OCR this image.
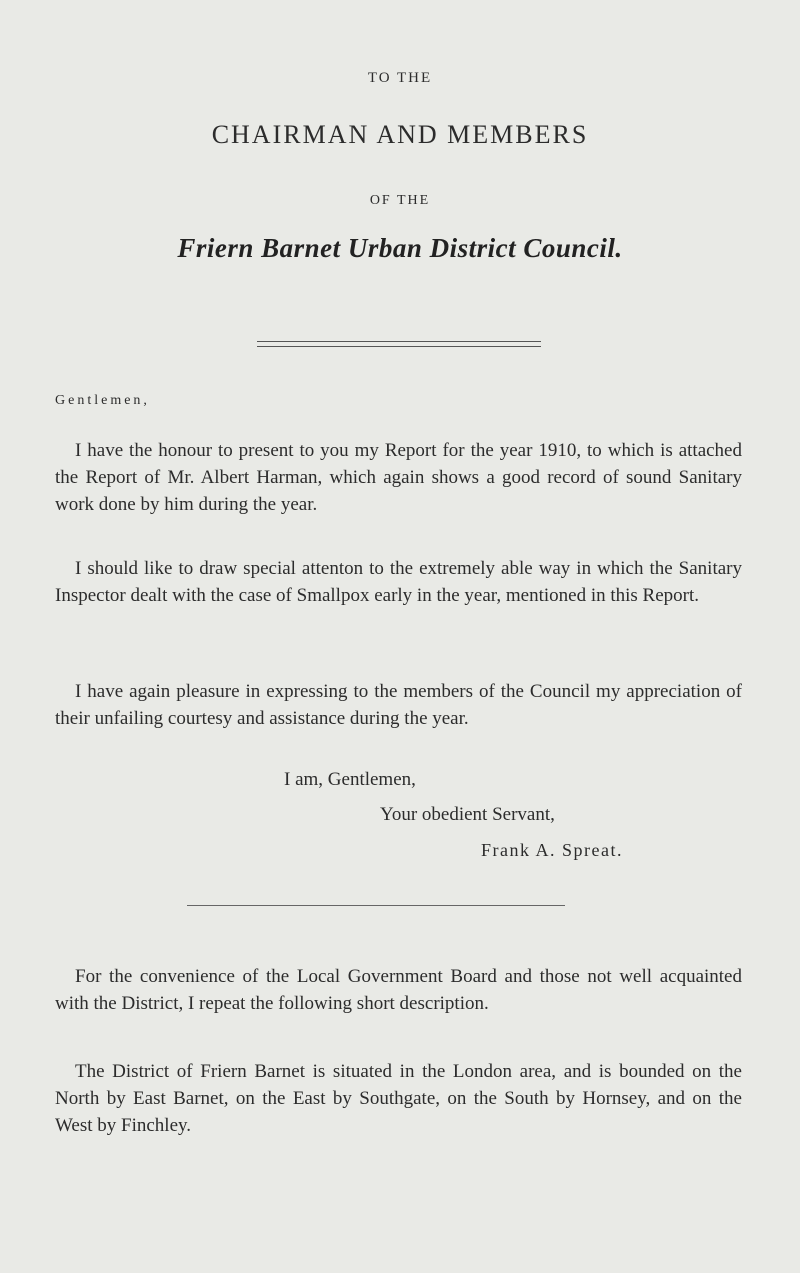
TO THE
CHAIRMAN AND MEMBERS
OF THE
Friern Barnet Urban District Council.
Gentlemen,

I have the honour to present to you my Report for the year 1910, to which is attached the Report of Mr. Albert Harman, which again shows a good record of sound Sanitary work done by him during the year.

I should like to draw special attenton to the extremely able way in which the Sanitary Inspector dealt with the case of Smallpox early in the year, mentioned in this Report.

I have again pleasure in expressing to the members of the Council my appreciation of their unfailing courtesy and assistance during the year.

I am, Gentlemen,
Your obedient Servant,
Frank A. Spreat.

For the convenience of the Local Government Board and those not well acquainted with the District, I repeat the following short description.

The District of Friern Barnet is situated in the London area, and is bounded on the North by East Barnet, on the East by Southgate, on the South by Hornsey, and on the West by Finchley.
